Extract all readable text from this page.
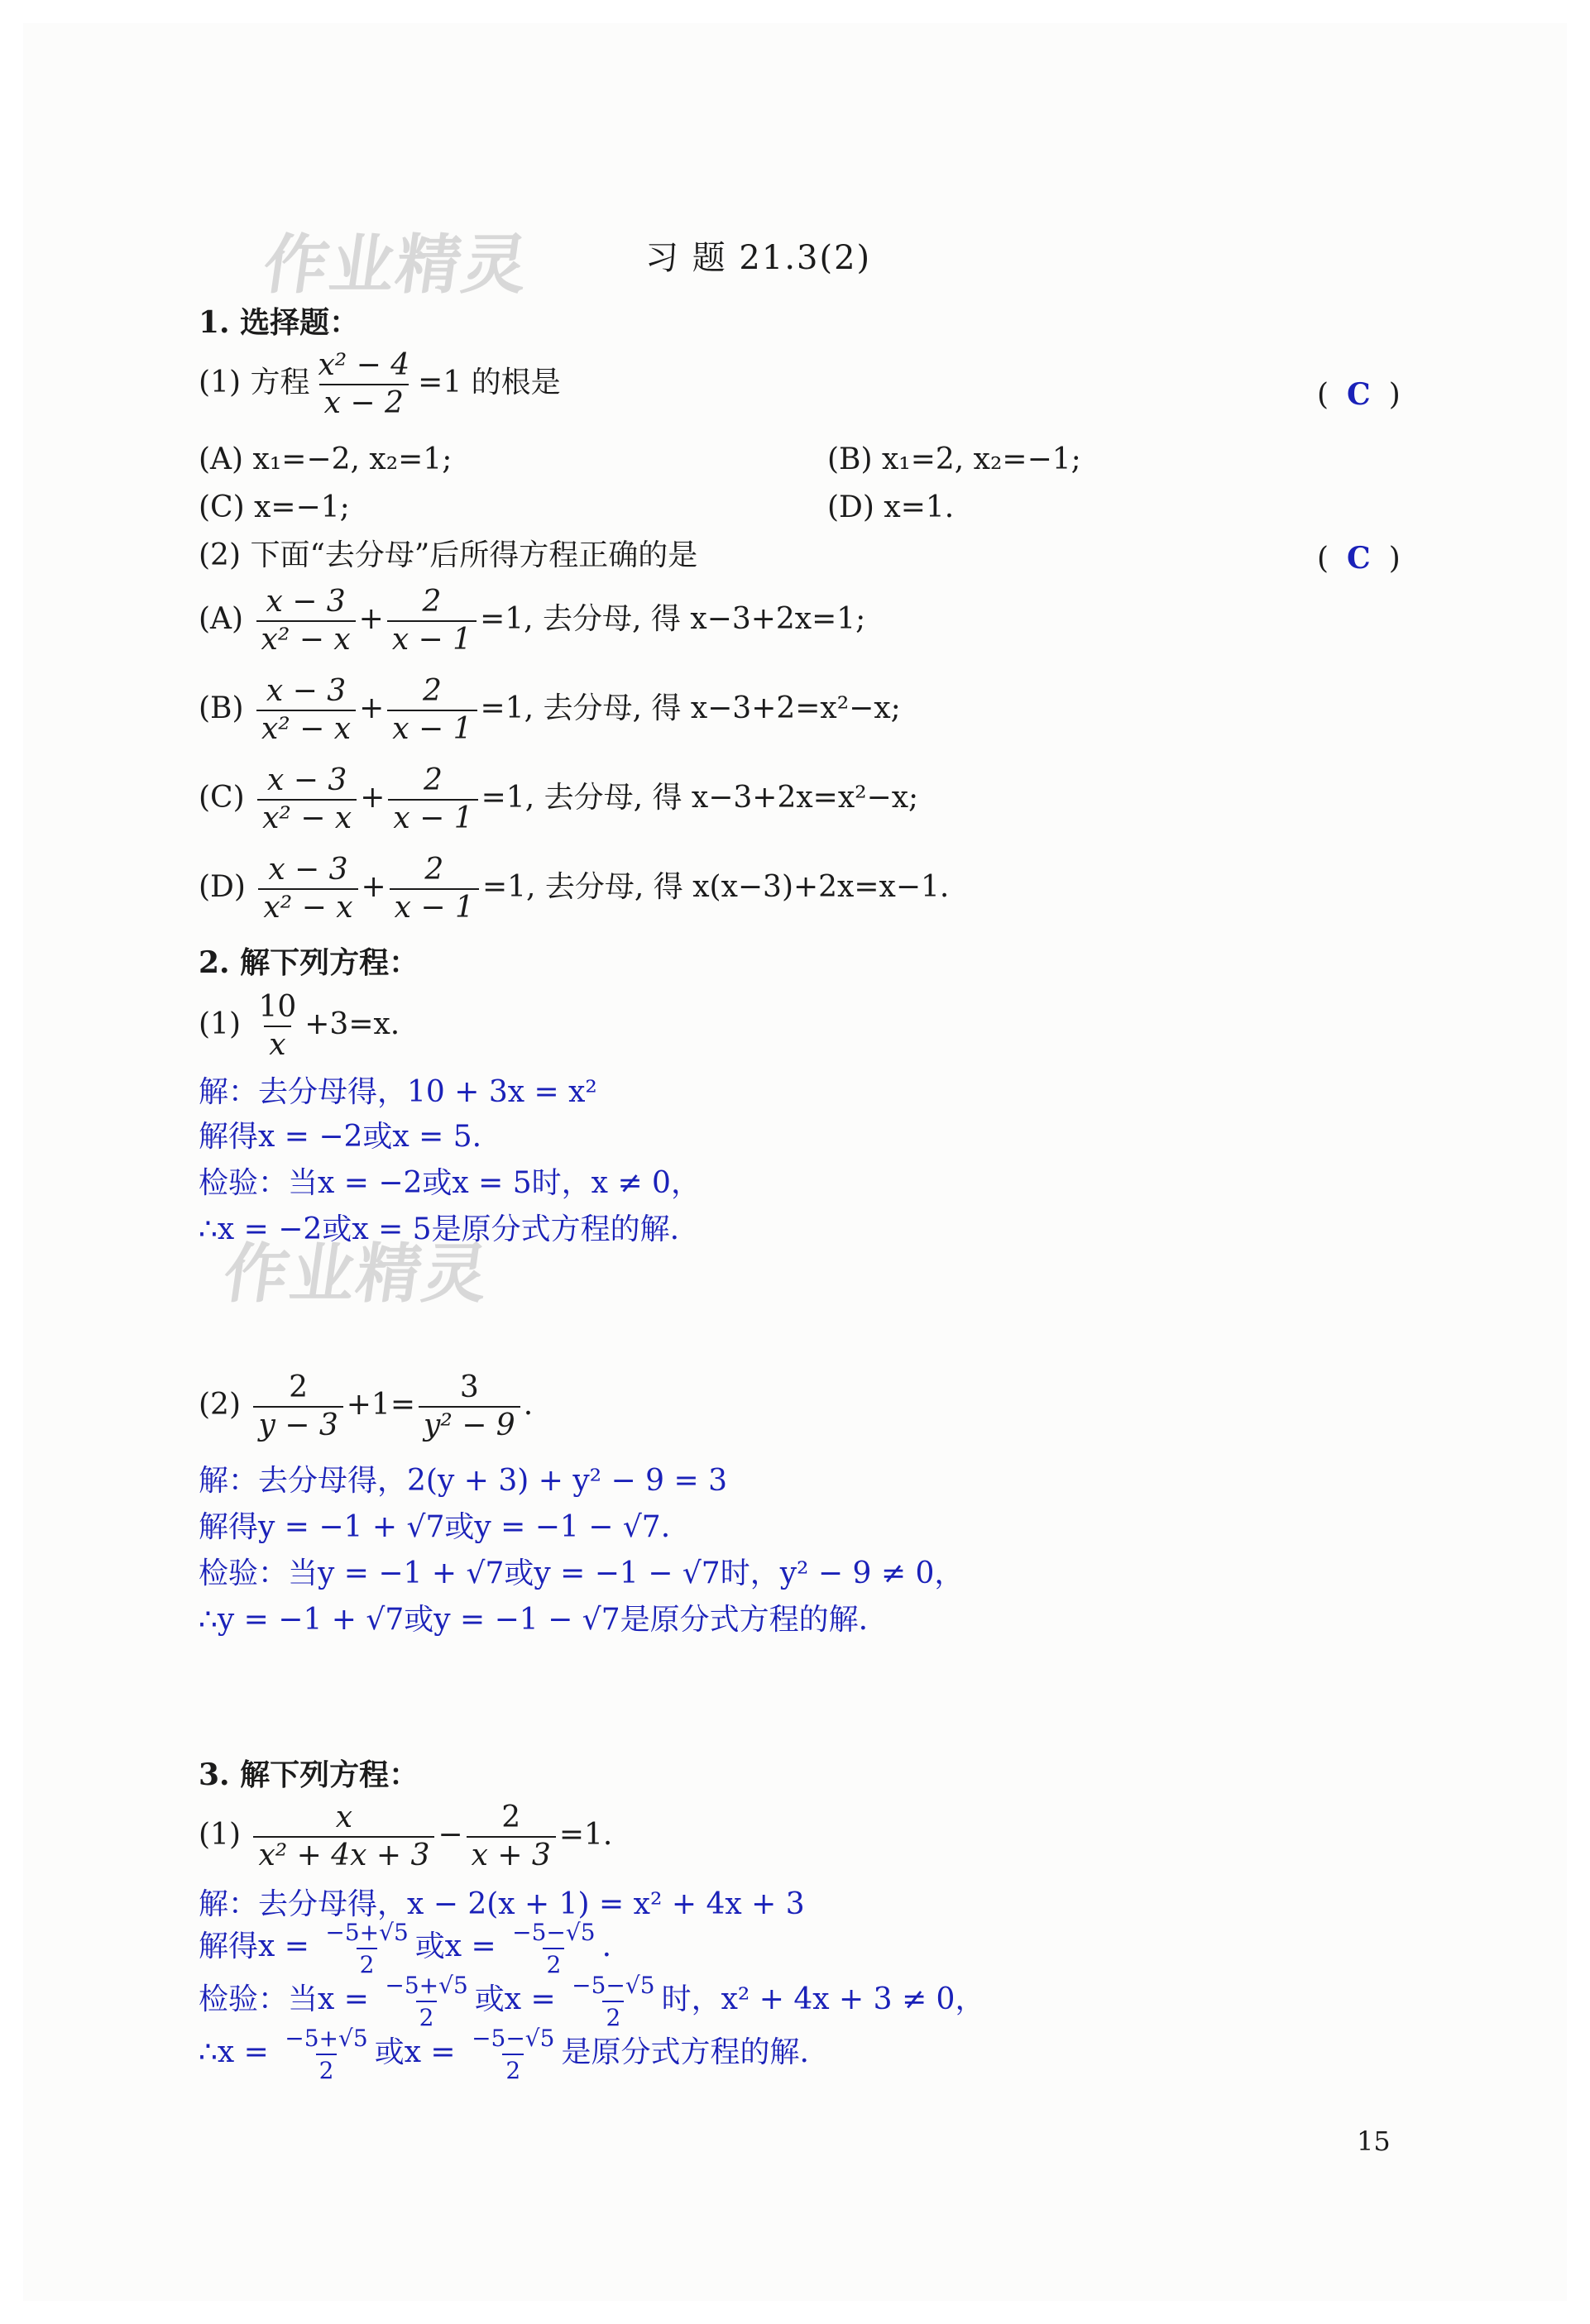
作业精灵
作业精灵
习 题 21.3(2)
1. 选择题：
(1) 方程 $\frac{\text{x² − 4}}{x - 2} =1$ 的根是	( C )
(A) x₁=−2, x₂=1;	(B) x₁=2, x₂=−1;
(C) x=−1;	(D) x=1.
(2) 下面“去分母”后所得方程正确的是	( C )
$(A) \frac{x - 3}{\text{x² − x}} + \frac{2}{x - 1} =1$, 去分母, 得 x−3+2x=1;
$(B) \frac{x - 3}{\text{x² − x}} + \frac{2}{x - 1} =1$, 去分母, 得 x−3+2=x²−x;
$(C) \frac{x - 3}{\text{x² − x}} + \frac{2}{x - 1} =1$, 去分母, 得 x−3+2x=x²−x;
$(D) \frac{x - 3}{\text{x² − x}} + \frac{2}{x - 1} =1$, 去分母, 得 x(x−3)+2x=x−1.
2. 解下列方程：
$(1) \frac{10}{x} +3=x$.
解：去分母得，10 + 3x = x²
解得x = −2或x = 5.
检验：当x = −2或x = 5时，x ≠ 0，
∴x = −2或x = 5是原分式方程的解.
$(2) \frac{2}{y - 3} +1= \frac{3}{\text{y² − 9}}$ .
解：去分母得，2(y + 3) + y² − 9 = 3
解得y = −1 + √7或y = −1 − √7.
检验：当y = −1 + √7或y = −1 − √7时，y² − 9 ≠ 0，
∴y = −1 + √7或y = −1 − √7是原分式方程的解.
3. 解下列方程：
$(1) \frac{x}{\text{x² + 4x + 3}} - \frac{2}{x + 3} =1$.
解：去分母得，x − 2(x + 1) = x² + 4x + 3
解得$x = \frac{-5+√5}{2}$ 或$x = \frac{-5-√5}{2}$ .
检验：当$x = \frac{-5+√5}{2}$ 或$x = \frac{-5-√5}{2}$ 时，x² + 4x + 3 ≠ 0，
∴x = $\frac{-5+√5}{2}$ 或$x = \frac{-5-√5}{2}$ 是原分式方程的解.
15
